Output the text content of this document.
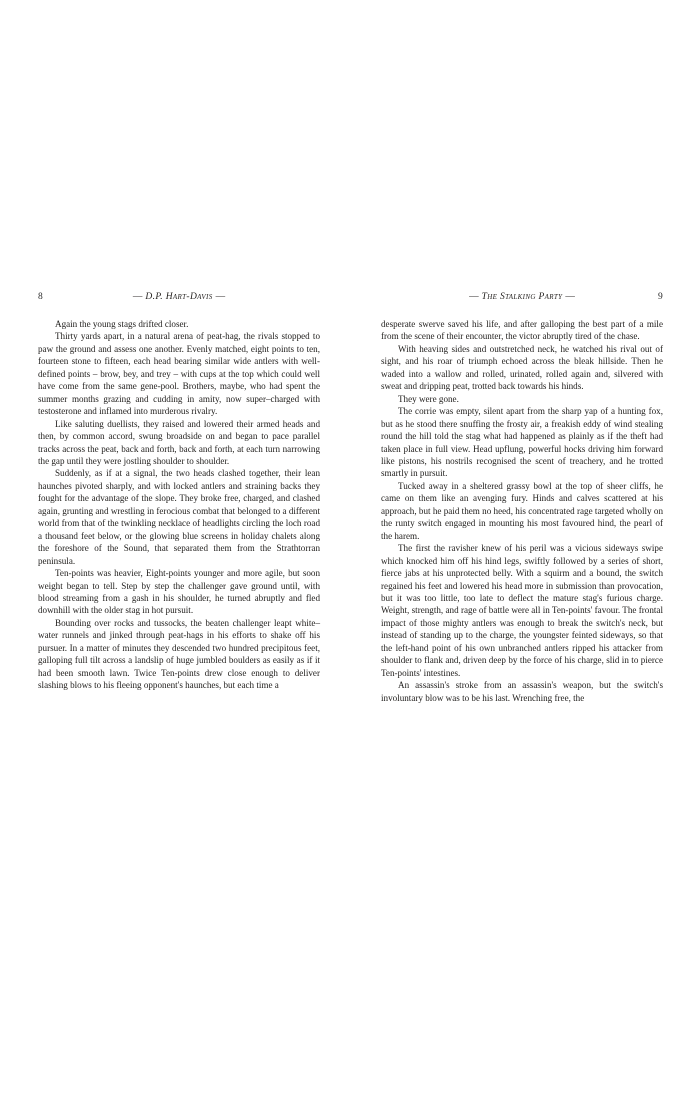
8	— D.P. Hart-Davis —

Again the young stags drifted closer.

Thirty yards apart, in a natural arena of peat-hag, the rivals stopped to paw the ground and assess one another. Evenly matched, eight points to ten, fourteen stone to fifteen, each head bearing similar wide antlers with well-defined points – brow, bey, and trey – with cups at the top which could well have come from the same gene-pool. Brothers, maybe, who had spent the summer months grazing and cudding in amity, now super–charged with testosterone and inflamed into murderous rivalry.

Like saluting duellists, they raised and lowered their armed heads and then, by common accord, swung broadside on and began to pace parallel tracks across the peat, back and forth, back and forth, at each turn narrowing the gap until they were jostling shoulder to shoulder.

Suddenly, as if at a signal, the two heads clashed together, their lean haunches pivoted sharply, and with locked antlers and straining backs they fought for the advantage of the slope. They broke free, charged, and clashed again, grunting and wrestling in ferocious combat that belonged to a different world from that of the twinkling necklace of headlights circling the loch road a thousand feet below, or the glowing blue screens in holiday chalets along the foreshore of the Sound, that separated them from the Strathtorran peninsula.

Ten-points was heavier, Eight-points younger and more agile, but soon weight began to tell. Step by step the challenger gave ground until, with blood streaming from a gash in his shoulder, he turned abruptly and fled downhill with the older stag in hot pursuit.

Bounding over rocks and tussocks, the beaten challenger leapt white–water runnels and jinked through peat-hags in his efforts to shake off his pursuer. In a matter of minutes they descended two hundred precipitous feet, galloping full tilt across a landslip of huge jumbled boulders as easily as if it had been smooth lawn. Twice Ten-points drew close enough to deliver slashing blows to his fleeing opponent's haunches, but each time a

9
— The Stalking Party —

desperate swerve saved his life, and after galloping the best part of a mile from the scene of their encounter, the victor abruptly tired of the chase.

With heaving sides and outstretched neck, he watched his rival out of sight, and his roar of triumph echoed across the bleak hillside. Then he waded into a wallow and rolled, urinated, rolled again and, silvered with sweat and dripping peat, trotted back towards his hinds.

They were gone.

The corrie was empty, silent apart from the sharp yap of a hunting fox, but as he stood there snuffing the frosty air, a freakish eddy of wind stealing round the hill told the stag what had happened as plainly as if the theft had taken place in full view. Head upflung, powerful hocks driving him forward like pistons, his nostrils recognised the scent of treachery, and he trotted smartly in pursuit.

Tucked away in a sheltered grassy bowl at the top of sheer cliffs, he came on them like an avenging fury. Hinds and calves scattered at his approach, but he paid them no heed, his concentrated rage targeted wholly on the runty switch engaged in mounting his most favoured hind, the pearl of the harem.

The first the ravisher knew of his peril was a vicious sideways swipe which knocked him off his hind legs, swiftly followed by a series of short, fierce jabs at his unprotected belly. With a squirm and a bound, the switch regained his feet and lowered his head more in submission than provocation, but it was too little, too late to deflect the mature stag's furious charge. Weight, strength, and rage of battle were all in Ten-points' favour. The frontal impact of those mighty antlers was enough to break the switch's neck, but instead of standing up to the charge, the youngster feinted sideways, so that the left-hand point of his own unbranched antlers ripped his attacker from shoulder to flank and, driven deep by the force of his charge, slid in to pierce Ten-points' intestines.

An assassin's stroke from an assassin's weapon, but the switch's involuntary blow was to be his last. Wrenching free, the
